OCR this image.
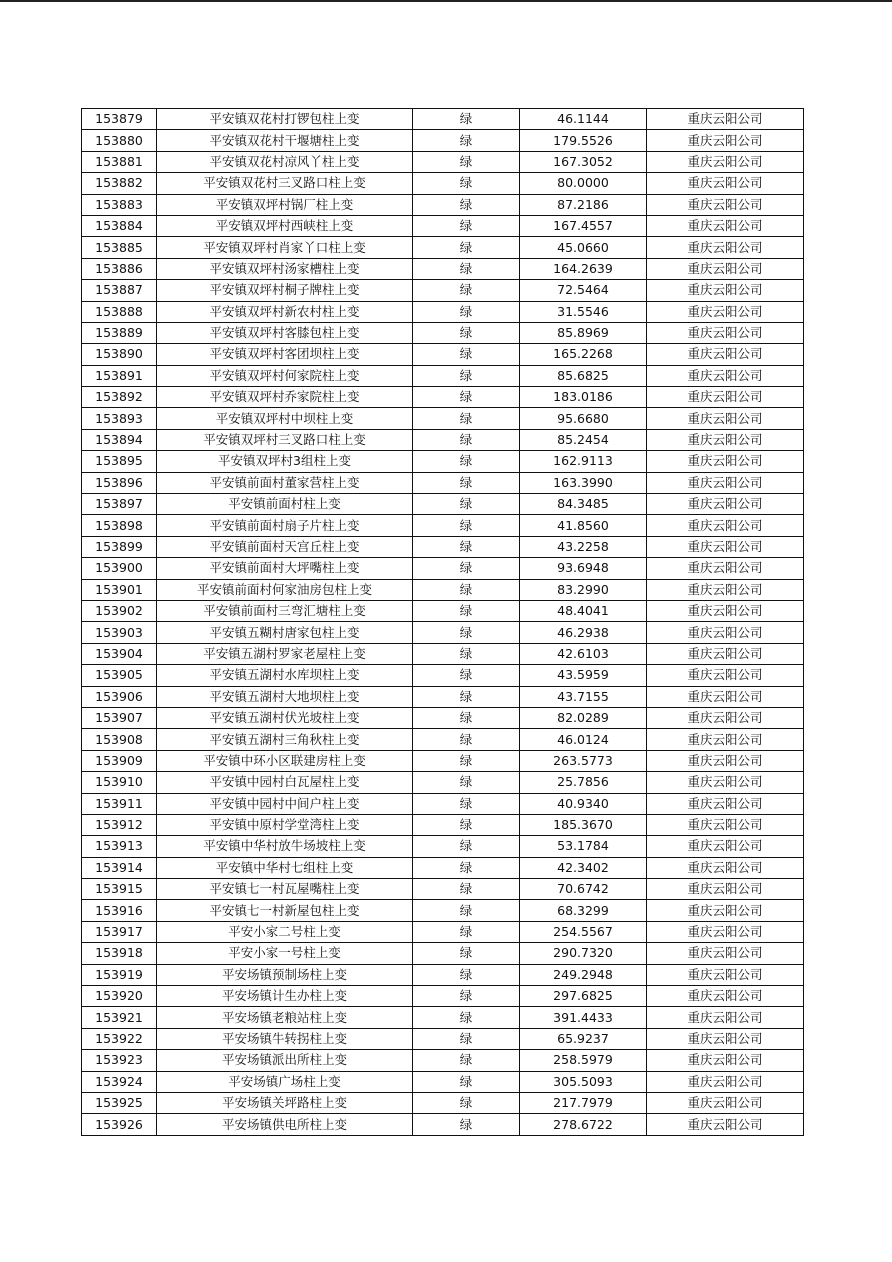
153879	平安镇双花村打锣包柱上变	绿	46.1144	重庆云阳公司
153880	平安镇双花村干堰塘柱上变	绿	179.5526	重庆云阳公司
153881	平安镇双花村凉风丫柱上变	绿	167.3052	重庆云阳公司
153882	平安镇双花村三叉路口柱上变	绿	80.0000	重庆云阳公司
153883	平安镇双坪村锅厂柱上变	绿	87.2186	重庆云阳公司
153884	平安镇双坪村西峡柱上变	绿	167.4557	重庆云阳公司
153885	平安镇双坪村肖家丫口柱上变	绿	45.0660	重庆云阳公司
153886	平安镇双坪村汤家槽柱上变	绿	164.2639	重庆云阳公司
153887	平安镇双坪村桐子牌柱上变	绿	72.5464	重庆云阳公司
153888	平安镇双坪村新农村柱上变	绿	31.5546	重庆云阳公司
153889	平安镇双坪村客膝包柱上变	绿	85.8969	重庆云阳公司
153890	平安镇双坪村客团坝柱上变	绿	165.2268	重庆云阳公司
153891	平安镇双坪村何家院柱上变	绿	85.6825	重庆云阳公司
153892	平安镇双坪村乔家院柱上变	绿	183.0186	重庆云阳公司
153893	平安镇双坪村中坝柱上变	绿	95.6680	重庆云阳公司
153894	平安镇双坪村三叉路口柱上变	绿	85.2454	重庆云阳公司
153895	平安镇双坪村3组柱上变	绿	162.9113	重庆云阳公司
153896	平安镇前面村董家营柱上变	绿	163.3990	重庆云阳公司
153897	平安镇前面村柱上变	绿	84.3485	重庆云阳公司
153898	平安镇前面村扇子片柱上变	绿	41.8560	重庆云阳公司
153899	平安镇前面村天宫丘柱上变	绿	43.2258	重庆云阳公司
153900	平安镇前面村大坪嘴柱上变	绿	93.6948	重庆云阳公司
153901	平安镇前面村何家油房包柱上变	绿	83.2990	重庆云阳公司
153902	平安镇前面村三弯汇塘柱上变	绿	48.4041	重庆云阳公司
153903	平安镇五糊村唐家包柱上变	绿	46.2938	重庆云阳公司
153904	平安镇五湖村罗家老屋柱上变	绿	42.6103	重庆云阳公司
153905	平安镇五湖村水库坝柱上变	绿	43.5959	重庆云阳公司
153906	平安镇五湖村大地坝柱上变	绿	43.7155	重庆云阳公司
153907	平安镇五湖村伏光坡柱上变	绿	82.0289	重庆云阳公司
153908	平安镇五湖村三角秋柱上变	绿	46.0124	重庆云阳公司
153909	平安镇中环小区联建房柱上变	绿	263.5773	重庆云阳公司
153910	平安镇中园村白瓦屋柱上变	绿	25.7856	重庆云阳公司
153911	平安镇中园村中间户柱上变	绿	40.9340	重庆云阳公司
153912	平安镇中原村学堂湾柱上变	绿	185.3670	重庆云阳公司
153913	平安镇中华村放牛场坡柱上变	绿	53.1784	重庆云阳公司
153914	平安镇中华村七组柱上变	绿	42.3402	重庆云阳公司
153915	平安镇七一村瓦屋嘴柱上变	绿	70.6742	重庆云阳公司
153916	平安镇七一村新屋包柱上变	绿	68.3299	重庆云阳公司
153917	平安小家二号柱上变	绿	254.5567	重庆云阳公司
153918	平安小家一号柱上变	绿	290.7320	重庆云阳公司
153919	平安场镇预制场柱上变	绿	249.2948	重庆云阳公司
153920	平安场镇计生办柱上变	绿	297.6825	重庆云阳公司
153921	平安场镇老粮站柱上变	绿	391.4433	重庆云阳公司
153922	平安场镇牛转拐柱上变	绿	65.9237	重庆云阳公司
153923	平安场镇派出所柱上变	绿	258.5979	重庆云阳公司
153924	平安场镇广场柱上变	绿	305.5093	重庆云阳公司
153925	平安场镇关坪路柱上变	绿	217.7979	重庆云阳公司
153926	平安场镇供电所柱上变	绿	278.6722	重庆云阳公司
